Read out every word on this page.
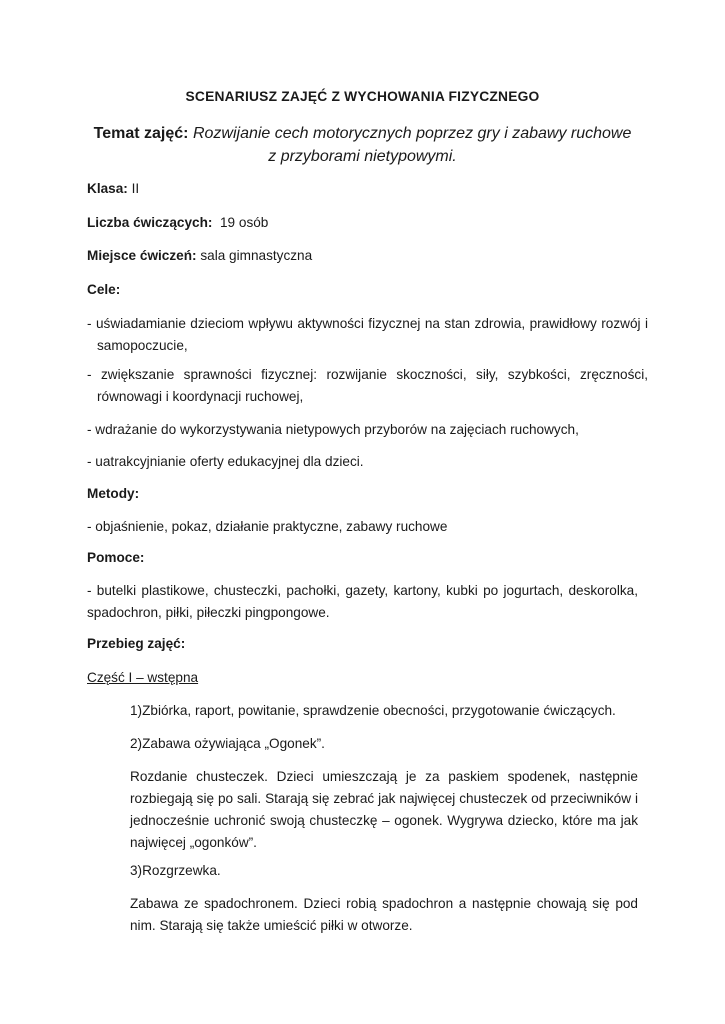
SCENARIUSZ ZAJĘĆ Z WYCHOWANIA FIZYCZNEGO
Temat zajęć: Rozwijanie cech motorycznych poprzez gry i zabawy ruchowe
z przyborami nietypowymi.
Klasa: II
Liczba ćwiczących: 19 osób
Miejsce ćwiczeń: sala gimnastyczna
Cele:
- uświadamianie dzieciom wpływu aktywności fizycznej na stan zdrowia, prawidłowy rozwój i samopoczucie,
- zwiększanie sprawności fizycznej: rozwijanie skoczności, siły, szybkości, zręczności, równowagi i koordynacji ruchowej,
- wdrażanie do wykorzystywania nietypowych przyborów na zajęciach ruchowych,
- uatrakcyjnianie oferty edukacyjnej dla dzieci.
Metody:
- objaśnienie, pokaz, działanie praktyczne, zabawy ruchowe
Pomoce:
- butelki plastikowe, chusteczki, pachołki, gazety, kartony, kubki po jogurtach, deskorolka, spadochron, piłki, piłeczki pingpongowe.
Przebieg zajęć:
Część I – wstępna
1)Zbiórka, raport, powitanie, sprawdzenie obecności, przygotowanie ćwiczących.
2)Zabawa ożywiająca „Ogonek”.
Rozdanie chusteczek. Dzieci umieszczają je za paskiem spodenek, następnie rozbiegają się po sali. Starają się zebrać jak najwięcej chusteczek od przeciwników i jednocześnie uchronić swoją chusteczkę – ogonek. Wygrywa dziecko, które ma jak najwięcej „ogonków”.
3)Rozgrzewka.
Zabawa ze spadochronem. Dzieci robią spadochron a następnie chowają się pod nim. Starają się także umieścić piłki w otworze.
